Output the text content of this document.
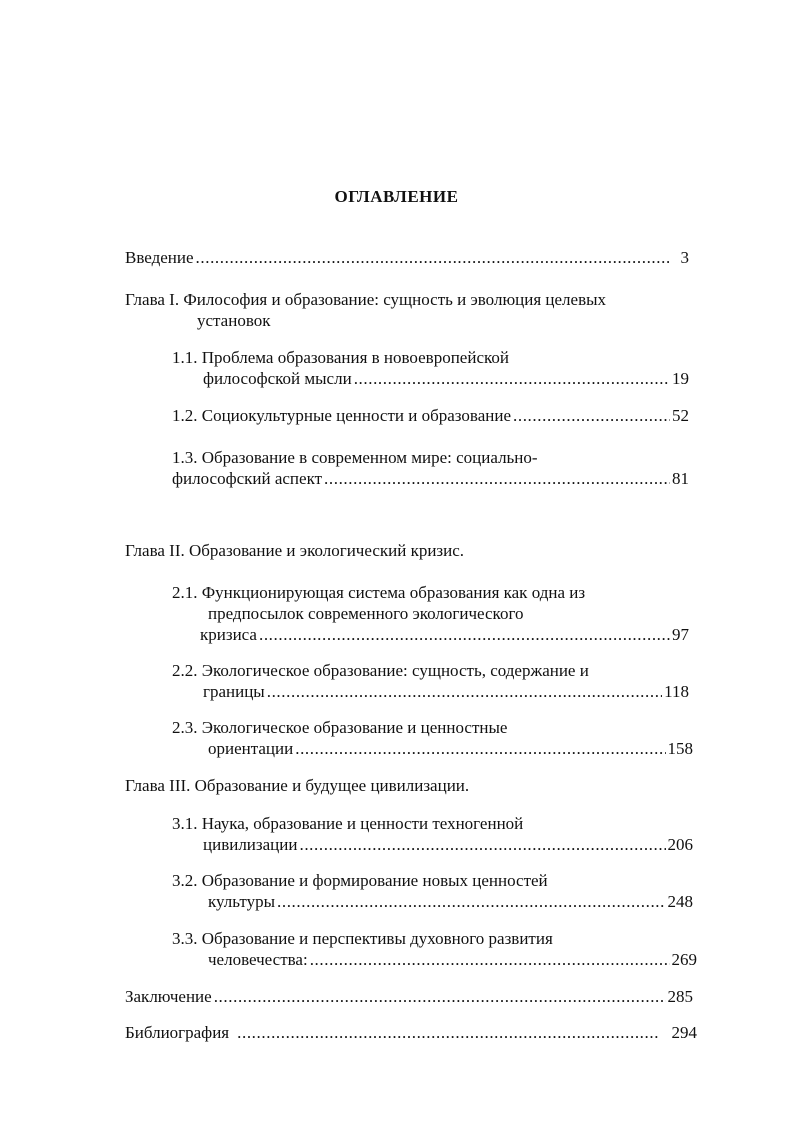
ОГЛАВЛЕНИЕ
Введение .....	3
Глава I. Философия и образование: сущность и эволюция целевых
установок
1.1. Проблема образования в новоевропейской
философской мысли .....	19
1.2. Социокультурные ценности и образование .....	52
1.3. Образование в современном мире: социально-
философский аспект .....	81
Глава II. Образование и экологический кризис.
2.1. Функционирующая система образования как одна из
предпосылок современного экологического
кризиса .....	97
2.2. Экологическое образование: сущность, содержание и
границы .....	118
2.3. Экологическое образование и ценностные
ориентации .....	158
Глава III. Образование и будущее цивилизации.
3.1. Наука, образование и ценности техногенной
цивилизации .....	206
3.2. Образование и формирование новых ценностей
культуры .....	248
3.3. Образование и перспективы духовного развития
человечества: .....	269
Заключение .....	285
Библиография .....	294
